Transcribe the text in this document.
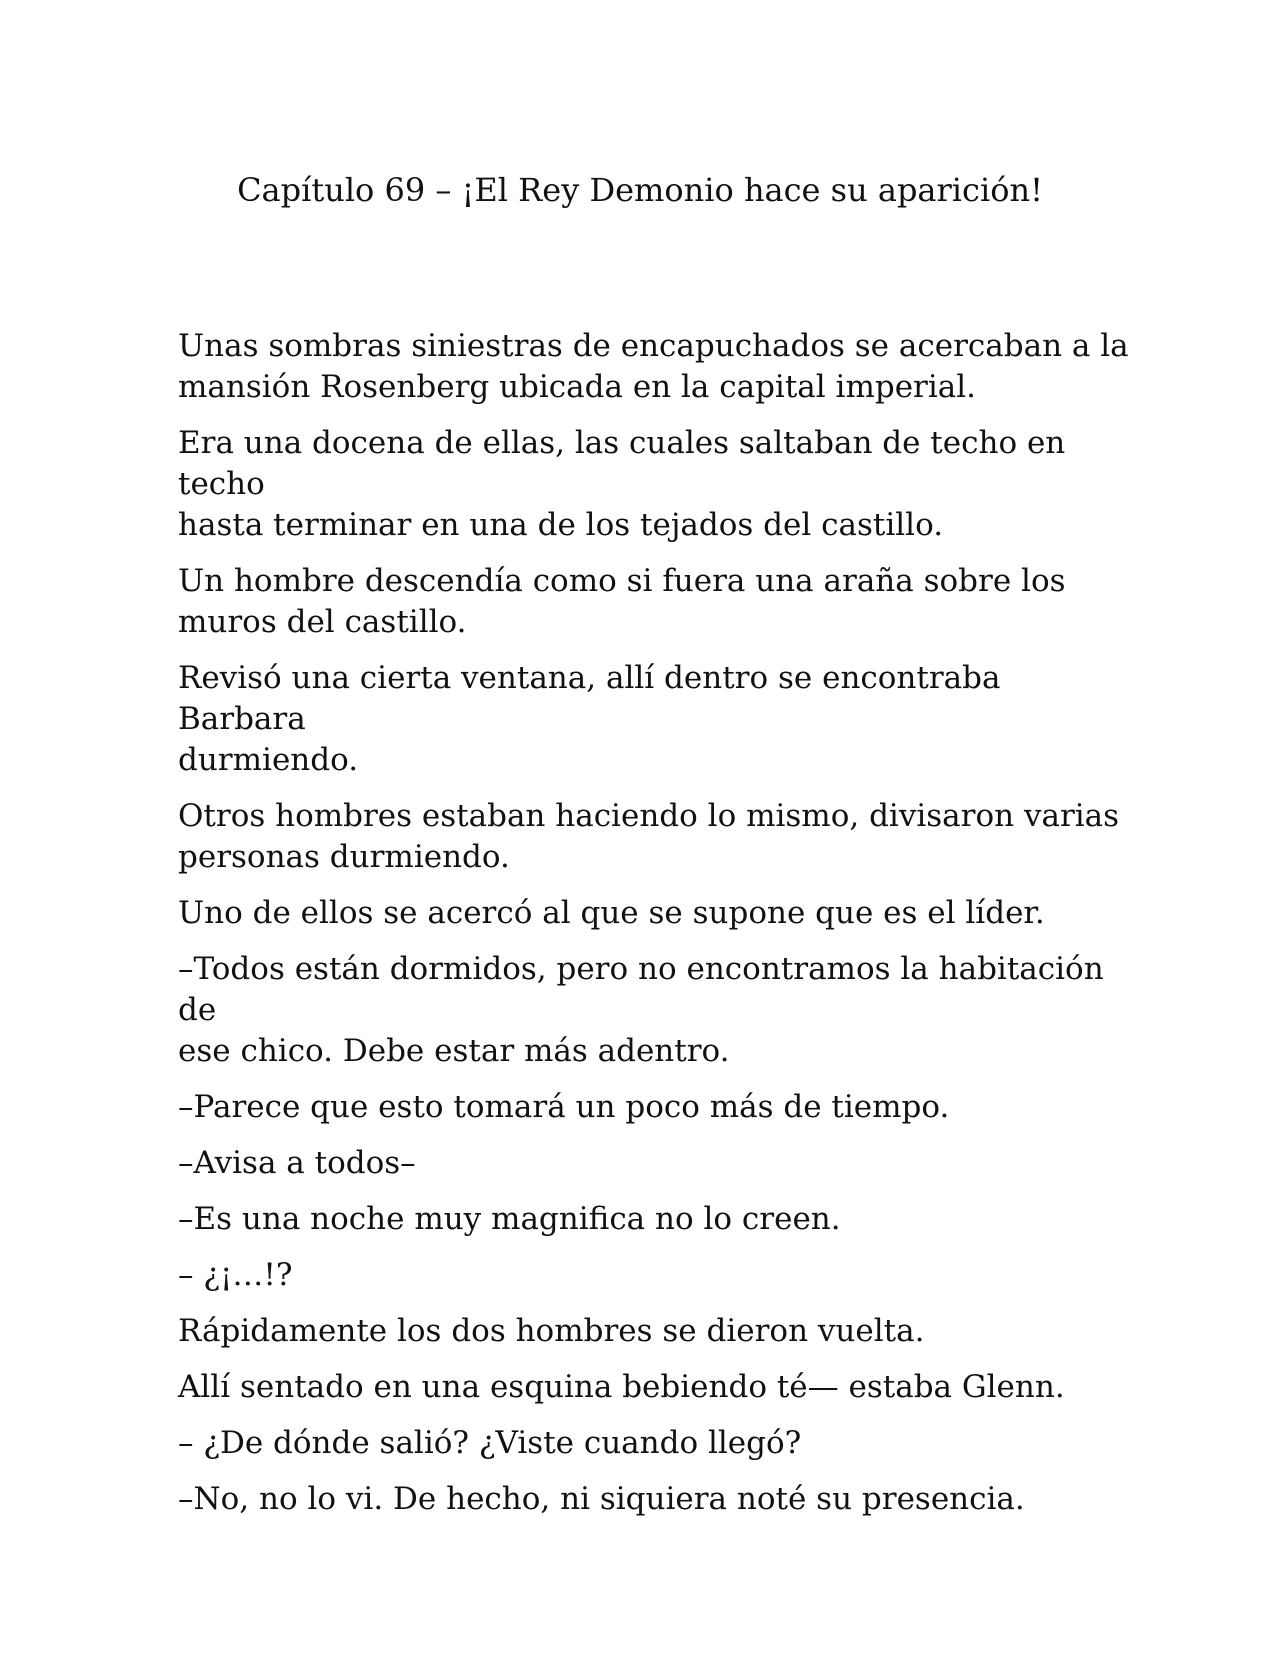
Capítulo 69 – ¡El Rey Demonio hace su aparición!

Unas sombras siniestras de encapuchados se acercaban a la
mansión Rosenberg ubicada en la capital imperial.

Era una docena de ellas, las cuales saltaban de techo en techo
hasta terminar en una de los tejados del castillo.

Un hombre descendía como si fuera una araña sobre los
muros del castillo.

Revisó una cierta ventana, allí dentro se encontraba Barbara
durmiendo.

Otros hombres estaban haciendo lo mismo, divisaron varias
personas durmiendo.

Uno de ellos se acercó al que se supone que es el líder.

–Todos están dormidos, pero no encontramos la habitación de
ese chico. Debe estar más adentro.

–Parece que esto tomará un poco más de tiempo.

–Avisa a todos–

–Es una noche muy magnifica no lo creen.

– ¿¡…!?

Rápidamente los dos hombres se dieron vuelta.

Allí sentado en una esquina bebiendo té— estaba Glenn.

– ¿De dónde salió? ¿Viste cuando llegó?

–No, no lo vi. De hecho, ni siquiera noté su presencia.
